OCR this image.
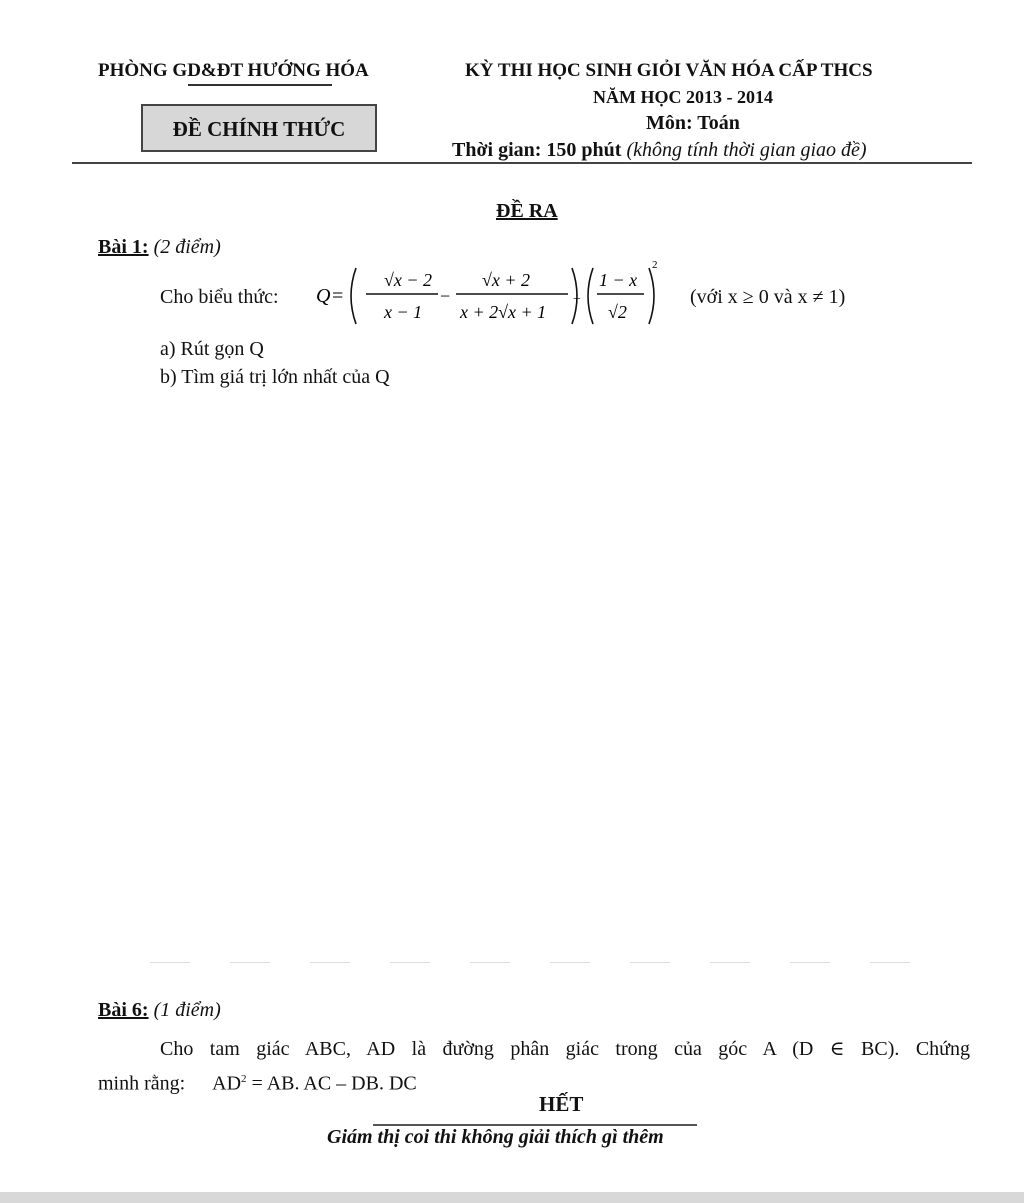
PHÒNG GD&ĐT HƯỚNG HÓA
ĐỀ CHÍNH THỨC
KỲ THI HỌC SINH GIỎI VĂN HÓA CẤP THCS
NĂM HỌC 2013 - 2014
Môn: Toán
Thời gian: 150 phút (không tính thời gian giao đề)
ĐỀ RA
Bài 1: (2 điểm)
Cho biểu thức: Q =
√x − 2
x − 1
−
√x + 2
x + 2√x + 1
÷
1 − x
√2
2
(với x ≥ 0 và x ≠ 1)
a) Rút gọn Q
b) Tìm giá trị lớn nhất của Q
Bài 6: (1 điểm)
Cho tam giác ABC, AD là đường phân giác trong của góc A (D ∈ BC). Chứng
minh rằng: $AD^2$ = AB. AC – DB. DC
HẾT
Giám thị coi thi không giải thích gì thêm
